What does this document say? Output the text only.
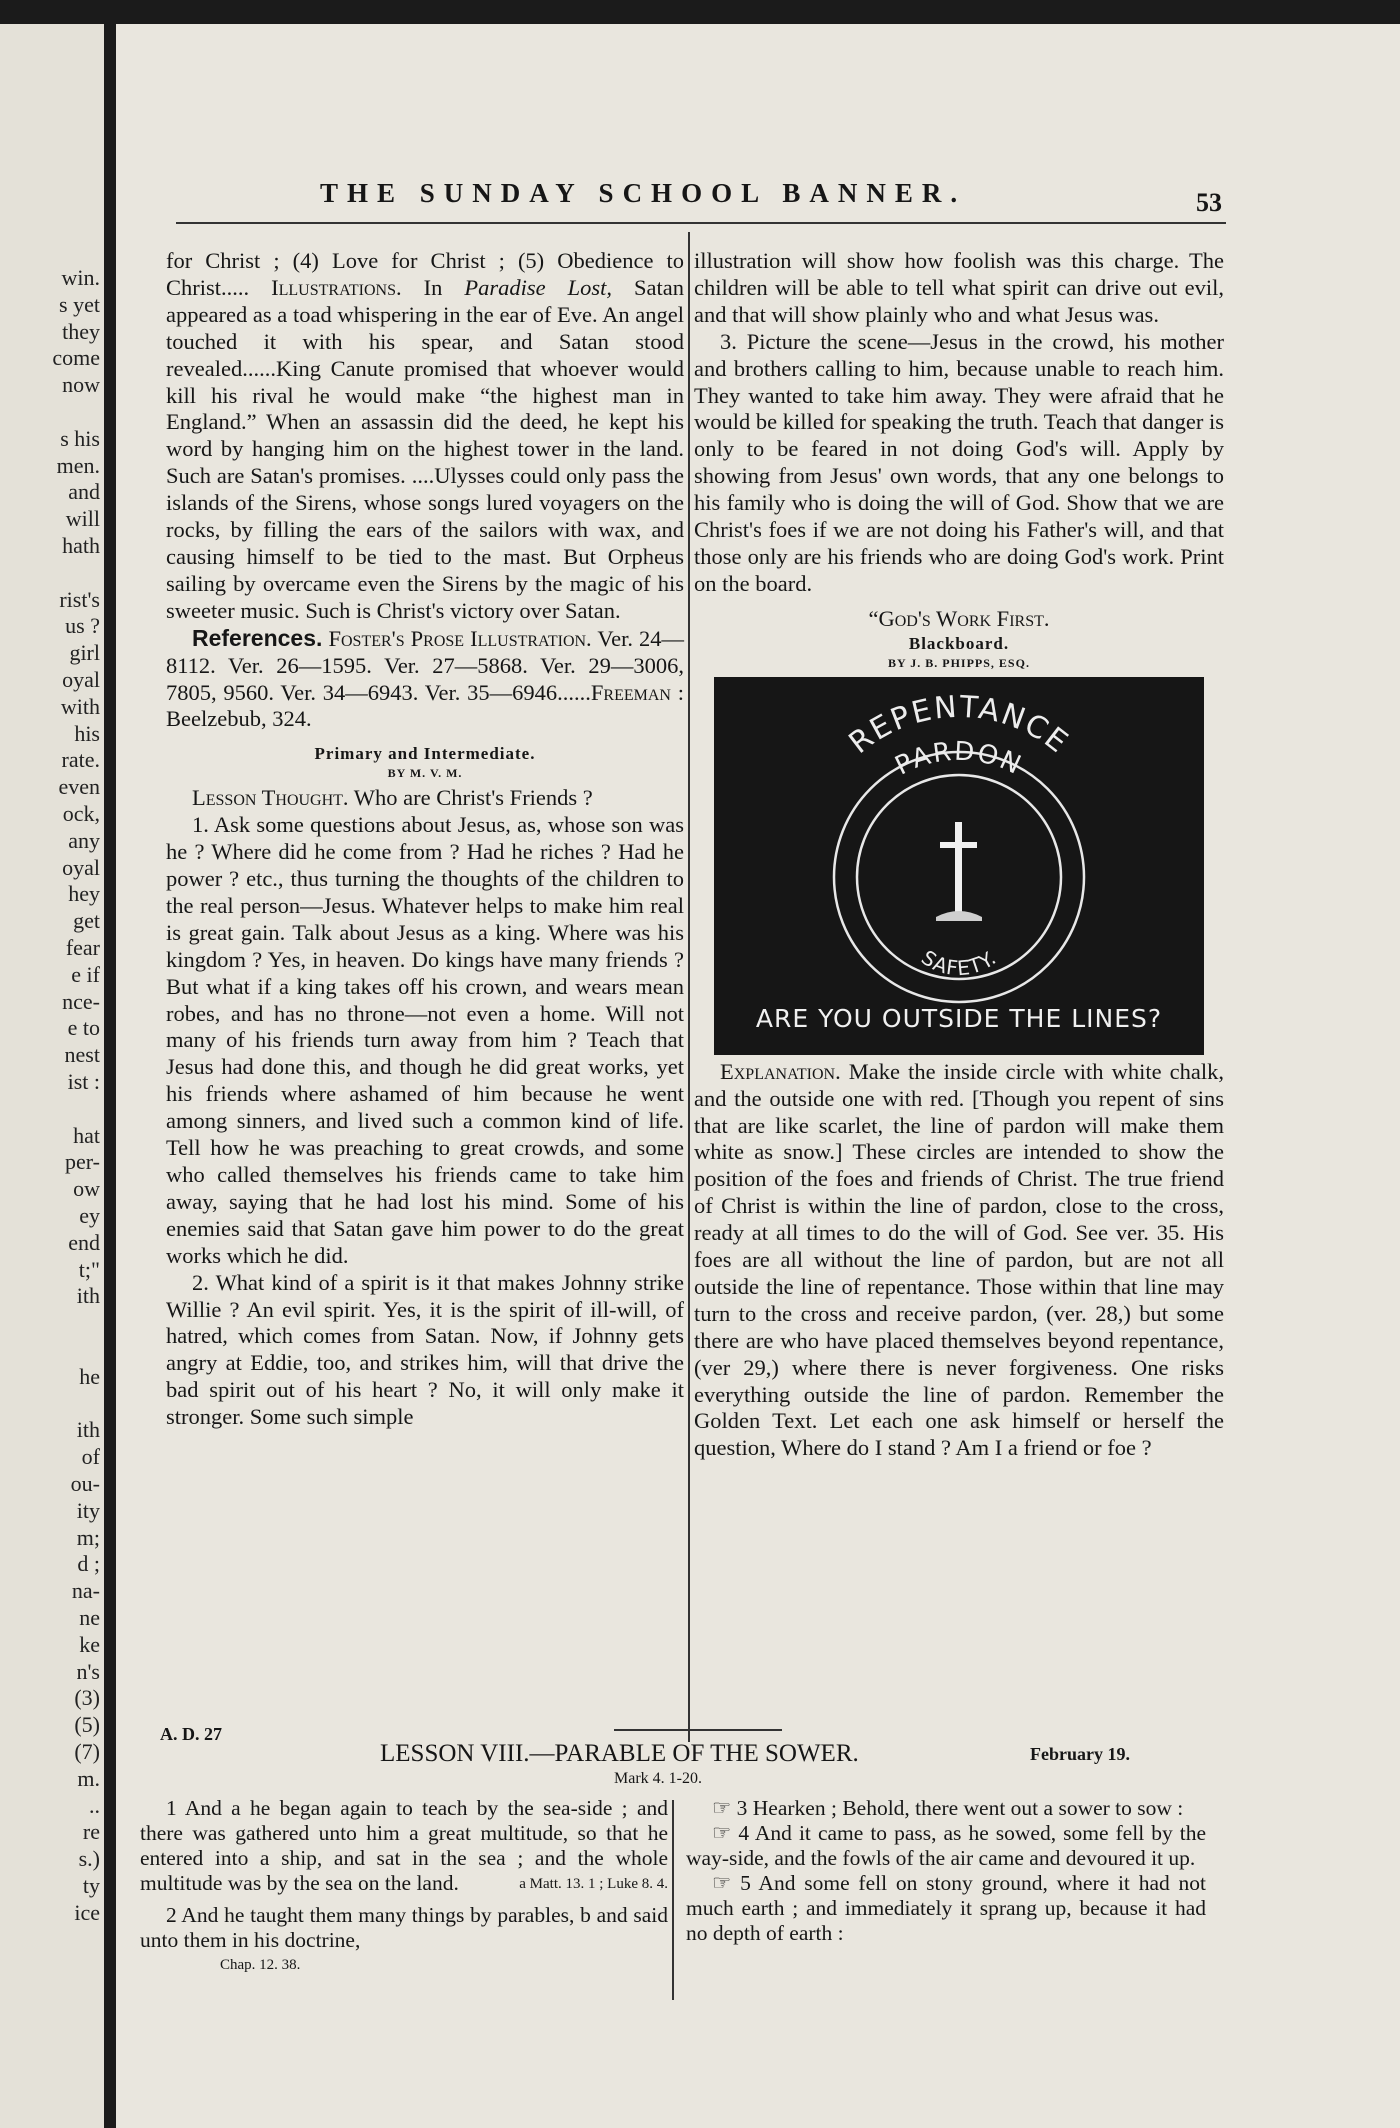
win.
s yet
they
come
now
s his
men.
and
will
hath
rist's
us ?
girl
oyal
with
his
rate.
even
ock,
any
oyal
hey
get
fear
e if
nce-
e to
nest
ist :
hat
per-
ow
ey
end
t;"
ith
he
ith
of
ou-
ity
m;
d ;
na-
ne
ke
n's
(3)
(5)
(7)
m.
..
re
s.)
ty
ice
THE SUNDAY SCHOOL BANNER.	53

for Christ ; (4) Love for Christ ; (5) Obedience to Christ..... Illustrations. In Paradise Lost, Satan appeared as a toad whispering in the ear of Eve. An angel touched it with his spear, and Satan stood revealed......King Canute promised that whoever would kill his rival he would make “the highest man in England.” When an assassin did the deed, he kept his word by hanging him on the highest tower in the land. Such are Satan's promises. ....Ulysses could only pass the islands of the Sirens, whose songs lured voyagers on the rocks, by filling the ears of the sailors with wax, and causing himself to be tied to the mast. But Orpheus sailing by overcame even the Sirens by the magic of his sweeter music. Such is Christ's victory over Satan.

References. Foster's Prose Illustration. Ver. 24—8112. Ver. 26—1595. Ver. 27—5868. Ver. 29—3006, 7805, 9560. Ver. 34—6943. Ver. 35—6946......Freeman : Beelzebub, 324.

Primary and Intermediate.
BY M. V. M.

Lesson Thought. Who are Christ's Friends ?

1. Ask some questions about Jesus, as, whose son was he ? Where did he come from ? Had he riches ? Had he power ? etc., thus turning the thoughts of the children to the real person—Jesus. Whatever helps to make him real is great gain. Talk about Jesus as a king. Where was his kingdom ? Yes, in heaven. Do kings have many friends ? But what if a king takes off his crown, and wears mean robes, and has no throne—not even a home. Will not many of his friends turn away from him ? Teach that Jesus had done this, and though he did great works, yet his friends where ashamed of him because he went among sinners, and lived such a common kind of life. Tell how he was preaching to great crowds, and some who called themselves his friends came to take him away, saying that he had lost his mind. Some of his enemies said that Satan gave him power to do the great works which he did.

2. What kind of a spirit is it that makes Johnny strike Willie ? An evil spirit. Yes, it is the spirit of ill-will, of hatred, which comes from Satan. Now, if Johnny gets angry at Eddie, too, and strikes him, will that drive the bad spirit out of his heart ? No, it will only make it stronger. Some such simple

illustration will show how foolish was this charge. The children will be able to tell what spirit can drive out evil, and that will show plainly who and what Jesus was.

3. Picture the scene—Jesus in the crowd, his mother and brothers calling to him, because unable to reach him. They wanted to take him away. They were afraid that he would be killed for speaking the truth. Teach that danger is only to be feared in not doing God's will. Apply by showing from Jesus' own words, that any one belongs to his family who is doing the will of God. Show that we are Christ's foes if we are not doing his Father's will, and that those only are his friends who are doing God's work. Print on the board.

“God's Work First.

Blackboard.
BY J. B. PHIPPS, ESQ.
REPENTANCE
PARDON
SAFETY.
ARE YOU OUTSIDE THE LINES?

Explanation. Make the inside circle with white chalk, and the outside one with red. [Though you repent of sins that are like scarlet, the line of pardon will make them white as snow.] These circles are intended to show the position of the foes and friends of Christ. The true friend of Christ is within the line of pardon, close to the cross, ready at all times to do the will of God. See ver. 35. His foes are all without the line of pardon, but are not all outside the line of repentance. Those within that line may turn to the cross and receive pardon, (ver. 28,) but some there are who have placed themselves beyond repentance, (ver 29,) where there is never forgiveness. One risks everything outside the line of pardon. Remember the Golden Text. Let each one ask himself or herself the question, Where do I stand ? Am I a friend or foe ?

A. D. 27
February 19.
LESSON VIII.—PARABLE OF THE SOWER.
Mark 4. 1-20.

1 And a he began again to teach by the sea-side ; and there was gathered unto him a great multitude, so that he entered into a ship, and sat in the sea ; and the whole multitude was by the sea on the land.	a Matt. 13. 1 ; Luke 8. 4.

2 And he taught them many things by parables, b and said unto them in his doctrine,

Chap. 12. 38.

☞ 3 Hearken ; Behold, there went out a sower to sow :

☞ 4 And it came to pass, as he sowed, some fell by the way-side, and the fowls of the air came and devoured it up.

☞ 5 And some fell on stony ground, where it had not much earth ; and immediately it sprang up, because it had no depth of earth :
